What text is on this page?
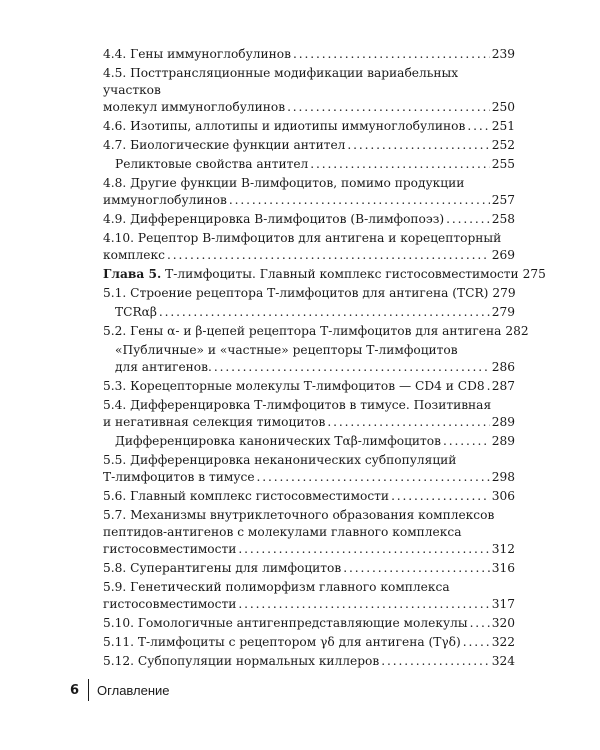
4.4. Гены иммуноглобулинов . . .	239
4.5. Посттрансляционные модификации вариабельных участков
молекул иммуноглобулинов . . .	250
4.6. Изотипы, аллотипы и идиотипы иммуноглобулинов . . . 251
4.7. Биологические функции антител . . .	252
Реликтовые свойства антител . . .	255
4.8. Другие функции В-лимфоцитов, помимо продукции
иммуноглобулинов . . .	257
4.9. Дифференцировка В-лимфоцитов (В-лимфопоэз) . . .	258
4.10. Рецептор В-лимфоцитов для антигена и корецепторный
комплекс . . .	269
Глава 5. Т-лимфоциты. Главный комплекс гистосовместимости 275
5.1. Строение рецептора Т-лимфоцитов для антигена (TCR) 279
TCRαβ . . .	279
5.2. Гены α- и β-цепей рецептора Т-лимфоцитов для антигена 282
«Публичные» и «частные» рецепторы Т-лимфоцитов
для антигенов. . . .	286
5.3. Корецепторные молекулы Т-лимфоцитов — CD4 и CD8 . . . 287
5.4. Дифференцировка Т-лимфоцитов в тимусе. Позитивная
и негативная селекция тимоцитов . . .	289
Дифференцировка канонических Tαβ-лимфоцитов . . .	289
5.5. Дифференцировка неканонических субпопуляций
Т-лимфоцитов в тимусе . . .	298
5.6. Главный комплекс гистосовместимости . . .	306
5.7. Механизмы внутриклеточного образования комплексов пептидов-антигенов с молекулами главного комплекса
гистосовместимости . . .	312
5.8. Суперантигены для лимфоцитов . . .	316
5.9. Генетический полиморфизм главного комплекса
гистосовместимости . . .	317
5.10. Гомологичные антигенпредставляющие молекулы . . . 320
5.11. Т-лимфоциты с рецептором γδ для антигена (Tγδ) . . .	322
5.12. Субпопуляции нормальных киллеров . . .	324
6 Оглавление
